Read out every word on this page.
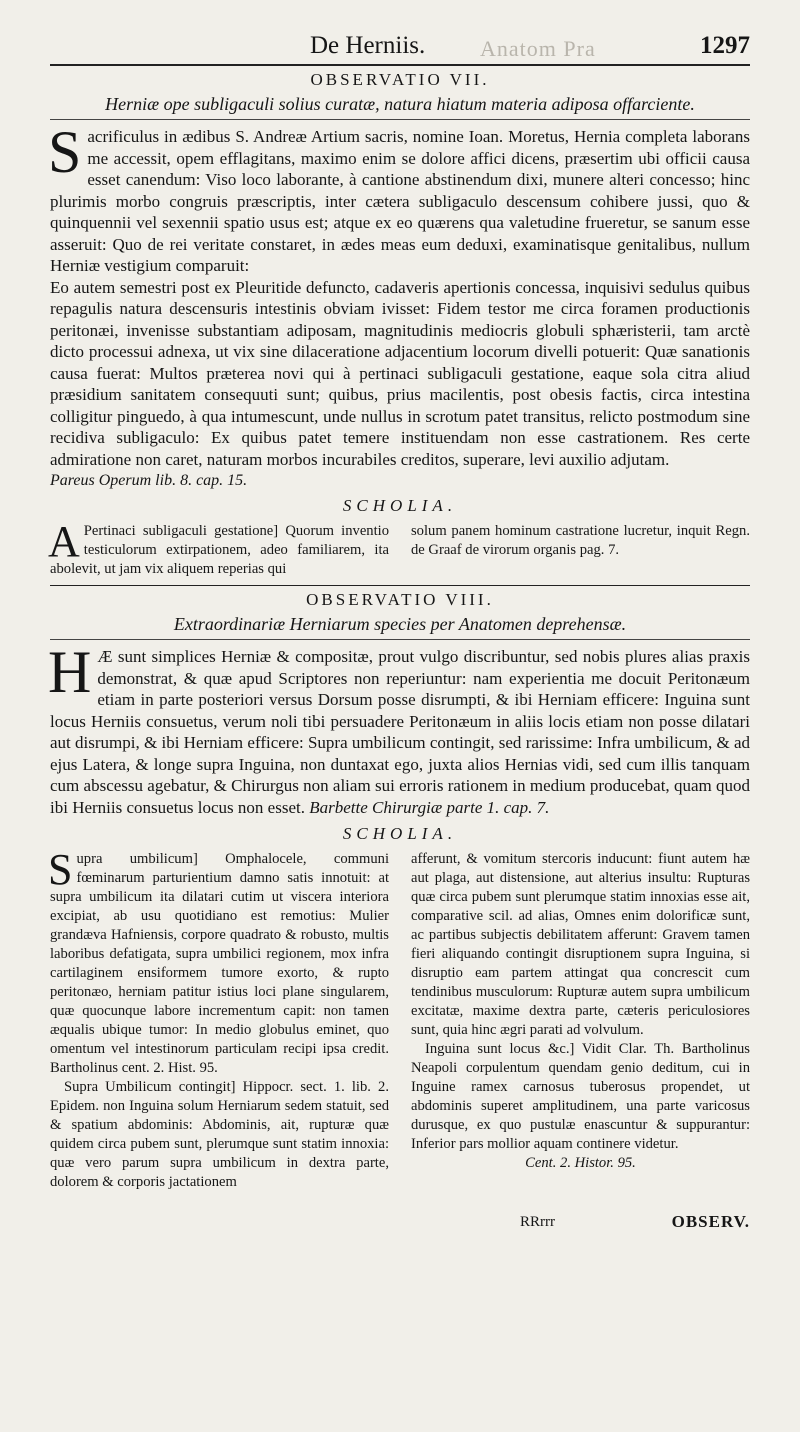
Anatom Pra
De Herniis.	1297
OBSERVATIO VII.
Herniæ ope subligaculi solius curatæ, natura hiatum materia adiposa offarciente.

S acrificulus in ædibus S. Andreæ Artium sacris, nomine Ioan. Moretus, Hernia completa laborans me accessit, opem efflagitans, maximo enim se dolore affici dicens, præsertim ubi officii causa esset canendum: Viso loco laborante, à cantione abstinendum dixi, munere alteri concesso; hinc plurimis morbo congruis præscriptis, inter cætera subligaculo descensum cohibere jussi, quo & quinquennii vel sexennii spatio usus est; atque ex eo quærens qua valetudine frueretur, se sanum esse asseruit: Quo de rei veritate constaret, in ædes meas eum deduxi, examinatisque genitalibus, nullum Herniæ vestigium comparuit:

Eo autem semestri post ex Pleuritide defuncto, cadaveris apertionis concessa, inquisivi sedulus quibus repagulis natura descensuris intestinis obviam ivisset: Fidem testor me circa foramen productionis peritonæi, invenisse substantiam adiposam, magnitudinis mediocris globuli sphæristerii, tam arctè dicto processui adnexa, ut vix sine dilaceratione adjacentium locorum divelli potuerit: Quæ sanationis causa fuerat: Multos præterea novi qui à pertinaci subligaculi gestatione, eaque sola citra aliud præsidium sanitatem consequuti sunt; quibus, prius macilentis, post obesis factis, circa intestina colligitur pinguedo, à qua intumescunt, unde nullus in scrotum patet transitus, relicto postmodum sine recidiva subligaculo: Ex quibus patet temere instituendam non esse castrationem. Res certe admiratione non caret, naturam morbos incurabiles creditos, superare, levi auxilio adjutam.

Pareus Operum lib. 8. cap. 15.
SCHOLIA.

A Pertinaci subligaculi gestatione] Quorum inventio testiculorum extirpationem, adeo familiarem, ita abolevit, ut jam vix aliquem reperias qui

solum panem hominum castratione lucretur, inquit Regn. de Graaf de virorum organis pag. 7.

OBSERVATIO VIII.
Extraordinariæ Herniarum species per Anatomen deprehensæ.

H Æ sunt simplices Herniæ & compositæ, prout vulgo discribuntur, sed nobis plures alias praxis demonstrat, & quæ apud Scriptores non reperiuntur: nam experientia me docuit Peritonæum etiam in parte posteriori versus Dorsum posse disrumpti, & ibi Herniam efficere: Inguina sunt locus Herniis consuetus, verum noli tibi persuadere Peritonæum in aliis locis etiam non posse dilatari aut disrumpi, & ibi Herniam efficere: Supra umbilicum contingit, sed rarissime: Infra umbilicum, & ad ejus Latera, & longe supra Inguina, non duntaxat ego, juxta alios Hernias vidi, sed cum illis tanquam cum abscessu agebatur, & Chirurgus non aliam sui erroris rationem in medium producebat, quam quod ibi Herniis consuetus locus non esset. Barbette Chirurgiæ parte 1. cap. 7.

SCHOLIA.

S upra umbilicum] Omphalocele, communi fœminarum parturientium damno satis innotuit: at supra umbilicum ita dilatari cutim ut viscera interiora excipiat, ab usu quotidiano est remotius: Mulier grandæva Hafniensis, corpore quadrato & robusto, multis laboribus defatigata, supra umbilici regionem, mox infra cartilaginem ensiformem tumore exorto, & rupto peritonæo, herniam patitur istius loci plane singularem, quæ quocunque labore incrementum capit: non tamen æqualis ubique tumor: In medio globulus eminet, quo omentum vel intestinorum particulam recipi ipsa credit. Bartholinus cent. 2. Hist. 95.

Supra Umbilicum contingit] Hippocr. sect. 1. lib. 2. Epidem. non Inguina solum Herniarum sedem statuit, sed & spatium abdominis: Abdominis, ait, rupturæ quæ quidem circa pubem sunt, plerumque sunt statim innoxia: quæ vero parum supra umbilicum in dextra parte, dolorem & corporis jactationem

afferunt, & vomitum stercoris inducunt: fiunt autem hæ aut plaga, aut distensione, aut alterius insultu: Rupturas quæ circa pubem sunt plerumque statim innoxias esse ait, comparative scil. ad alias, Omnes enim dolorificæ sunt, ac partibus subjectis debilitatem afferunt: Gravem tamen fieri aliquando contingit disruptionem supra Inguina, si disruptio eam partem attingat qua concrescit cum tendinibus musculorum: Rupturæ autem supra umbilicum excitatæ, maxime dextra parte, cæteris periculosiores sunt, quia hinc ægri parati ad volvulum.

Inguina sunt locus &c.] Vidit Clar. Th. Bartholinus Neapoli corpulentum quendam genio deditum, cui in Inguine ramex carnosus tuberosus propendet, ut abdominis superet amplitudinem, una parte varicosus durusque, ex quo pustulæ enascuntur & suppurantur: Inferior pars mollior aquam continere videtur.

Cent. 2. Histor. 95.

RRrrr	OBSERV.
